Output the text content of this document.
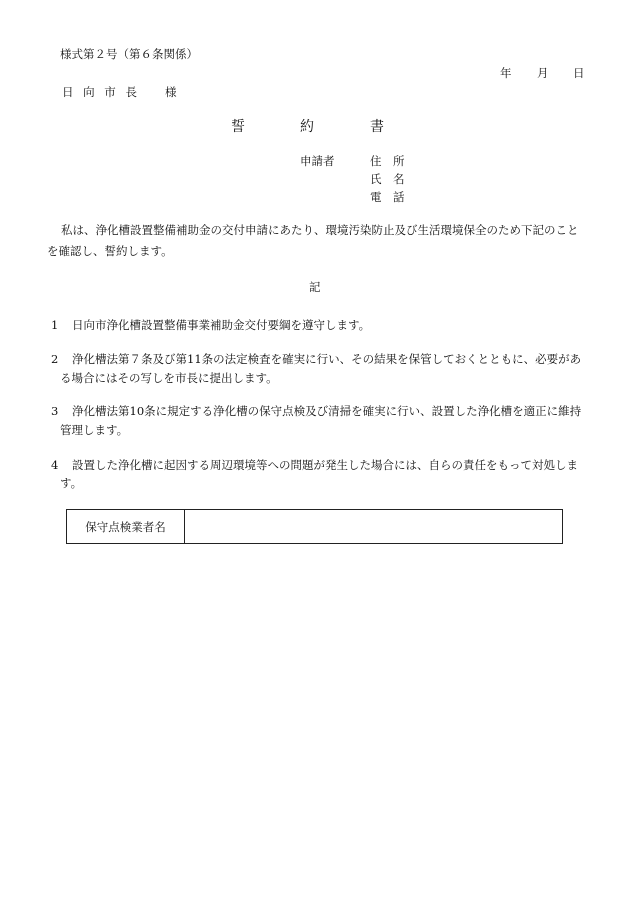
様式第２号（第６条関係）
年 月 日
日 向 市 長 様
誓	約	書
申請者	住　所
氏　名
電　話
私は、浄化槽設置整備補助金の交付申請にあたり、環境汚染防止及び生活環境保全のため下記のこと
を確認し、誓約します。
記
1 日向市浄化槽設置整備事業補助金交付要綱を遵守します。
2 浄化槽法第７条及び第11条の法定検査を確実に行い、その結果を保管しておくとともに、必要があ
る場合にはその写しを市長に提出します。
3 浄化槽法第10条に規定する浄化槽の保守点検及び清掃を確実に行い、設置した浄化槽を適正に維持
管理します。
4 設置した浄化槽に起因する周辺環境等への問題が発生した場合には、自らの責任をもって対処しま
す。
保守点検業者名
